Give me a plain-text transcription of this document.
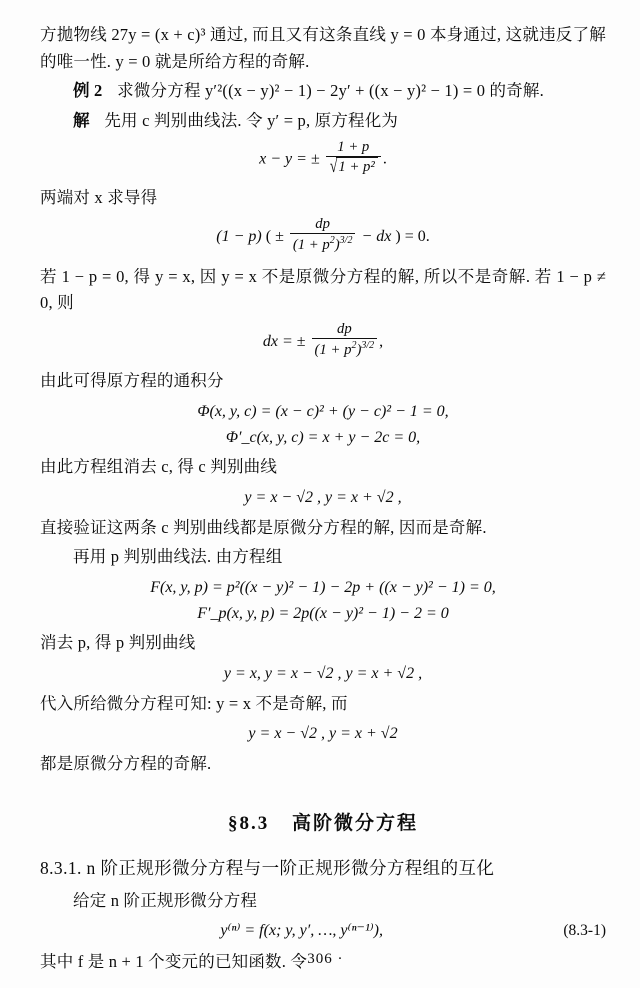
方拋物线 27y = (x + c)³ 通过, 而且又有这条直线 y = 0 本身通过, 这就违反了解的唯一性. y = 0 就是所给方程的奇解.

例 2 求微分方程 y′²((x − y)² − 1) − 2y′ + ((x − y)² − 1) = 0 的奇解.

解 先用 c 判别曲线法. 令 y′ = p, 原方程化为

x − y = ± $\frac{1 + p}{\text{√1 + p²}}$ .

两端对 x 求导得

(1 − p) ( ± $\frac{dp}{(1 + p^2)^{3/2}}$ − dx ) = 0.

若 1 − p = 0, 得 y = x, 因 y = x 不是原微分方程的解, 所以不是奇解. 若 1 − p ≠ 0, 则

dx = ± $\frac{dp}{(1 + p^2)^{3/2}}$ ,

由此可得原方程的通积分

Φ(x, y, c) = (x − c)² + (y − c)² − 1 = 0,
Φ′_c(x, y, c) = x + y − 2c = 0,

由此方程组消去 c, 得 c 判别曲线

y = x − √2 , y = x + √2 ,

直接验证这两条 c 判别曲线都是原微分方程的解, 因而是奇解.

再用 p 判别曲线法. 由方程组

F(x, y, p) = p²((x − y)² − 1) − 2p + ((x − y)² − 1) = 0,
F′_p(x, y, p) = 2p((x − y)² − 1) − 2 = 0

消去 p, 得 p 判别曲线

y = x, y = x − √2 , y = x + √2 ,

代入所给微分方程可知: y = x 不是奇解, 而

y = x − √2 , y = x + √2

都是原微分方程的奇解.

§8.3 高阶微分方程
8.3.1. n 阶正规形微分方程与一阶正规形微分方程组的互化

给定 n 阶正规形微分方程

(8.3-1)
y⁽ⁿ⁾ = f(x; y, y′, …, y⁽ⁿ⁻¹⁾),

其中 f 是 n + 1 个变元的已知函数. 令

· 306 ·
